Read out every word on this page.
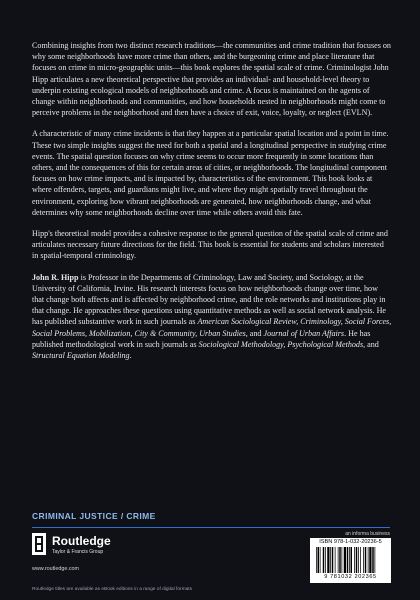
Combining insights from two distinct research traditions—the communities and crime tradition that focuses on why some neighborhoods have more crime than others, and the burgeoning crime and place literature that focuses on crime in micro-geographic units—this book explores the spatial scale of crime. Criminologist John Hipp articulates a new theoretical perspective that provides an individual- and household-level theory to underpin existing ecological models of neighborhoods and crime. A focus is maintained on the agents of change within neighborhoods and communities, and how households nested in neighborhoods might come to perceive problems in the neighborhood and then have a choice of exit, voice, loyalty, or neglect (EVLN).

A characteristic of many crime incidents is that they happen at a particular spatial location and a point in time. These two simple insights suggest the need for both a spatial and a longitudinal perspective in studying crime events. The spatial question focuses on why crime seems to occur more frequently in some locations than others, and the consequences of this for certain areas of cities, or neighborhoods. The longitudinal component focuses on how crime impacts, and is impacted by, characteristics of the environment. This book looks at where offenders, targets, and guardians might live, and where they might spatially travel throughout the environment, exploring how vibrant neighborhoods are generated, how neighborhoods change, and what determines why some neighborhoods decline over time while others avoid this fate.

Hipp's theoretical model provides a cohesive response to the general question of the spatial scale of crime and articulates necessary future directions for the field. This book is essential for students and scholars interested in spatial-temporal criminology.

John R. Hipp is Professor in the Departments of Criminology, Law and Society, and Sociology, at the University of California, Irvine. His research interests focus on how neighborhoods change over time, how that change both affects and is affected by neighborhood crime, and the role networks and institutions play in that change. He approaches these questions using quantitative methods as well as social network analysis. He has published substantive work in such journals as American Sociological Review, Criminology, Social Forces, Social Problems, Mobilization, City & Community, Urban Studies, and Journal of Urban Affairs. He has published methodological work in such journals as Sociological Methodology, Psychological Methods, and Structural Equation Modeling.

CRIMINAL JUSTICE / CRIME
Routledge
Taylor & Francis Group
www.routledge.com
Routledge titles are available as eBook editions in a range of digital formats
an informa business
ISBN 978-1-032-20236-5
9 781032 202365
